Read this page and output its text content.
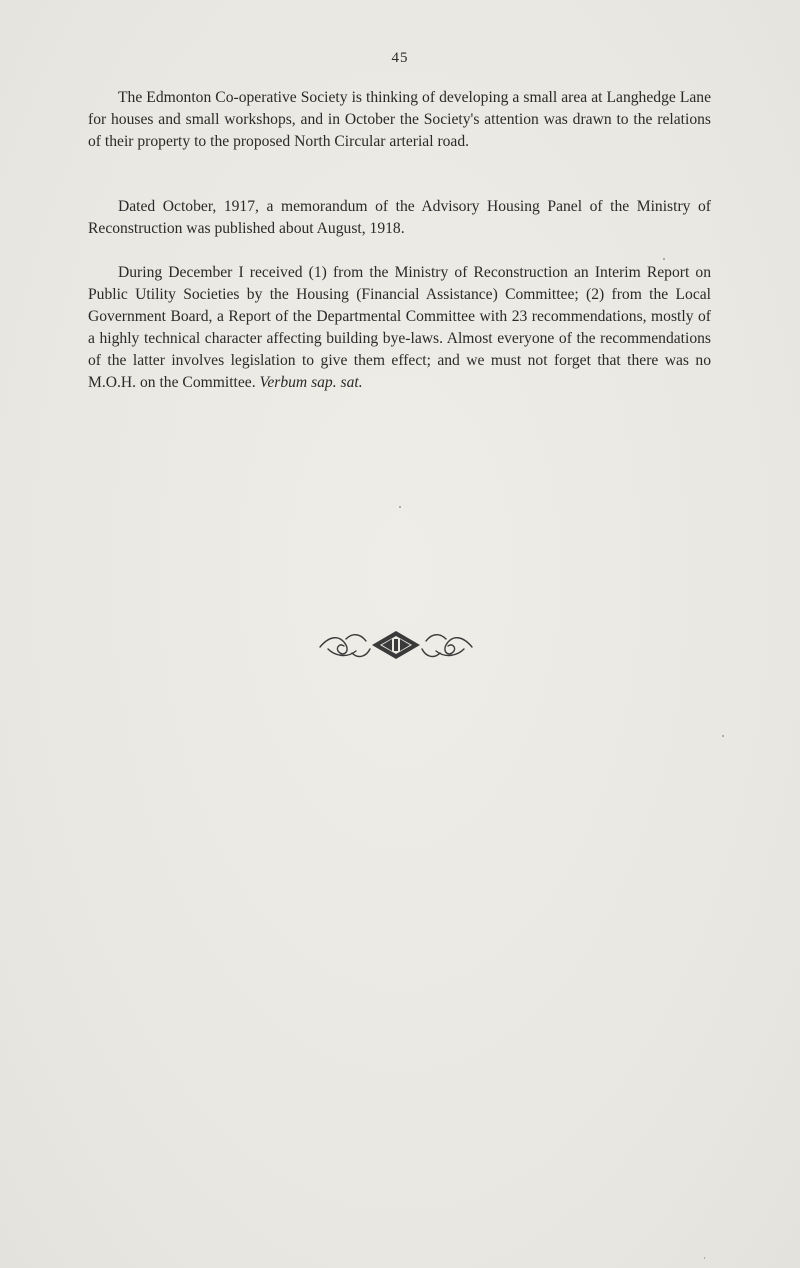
45

The Edmonton Co-operative Society is thinking of developing a small area at Langhedge Lane for houses and small workshops, and in October the Society's attention was drawn to the relations of their property to the proposed North Circular arterial road.

Dated October, 1917, a memorandum of the Advisory Housing Panel of the Ministry of Reconstruction was published about August, 1918.

During December I received (1) from the Ministry of Reconstruction an Interim Report on Public Utility Societies by the Housing (Financial Assistance) Committee; (2) from the Local Government Board, a Report of the Departmental Committee with 23 recommendations, mostly of a highly technical character affecting building bye-laws. Almost everyone of the recommendations of the latter involves legislation to give them effect; and we must not forget that there was no M.O.H. on the Committee. Verbum sap. sat.
